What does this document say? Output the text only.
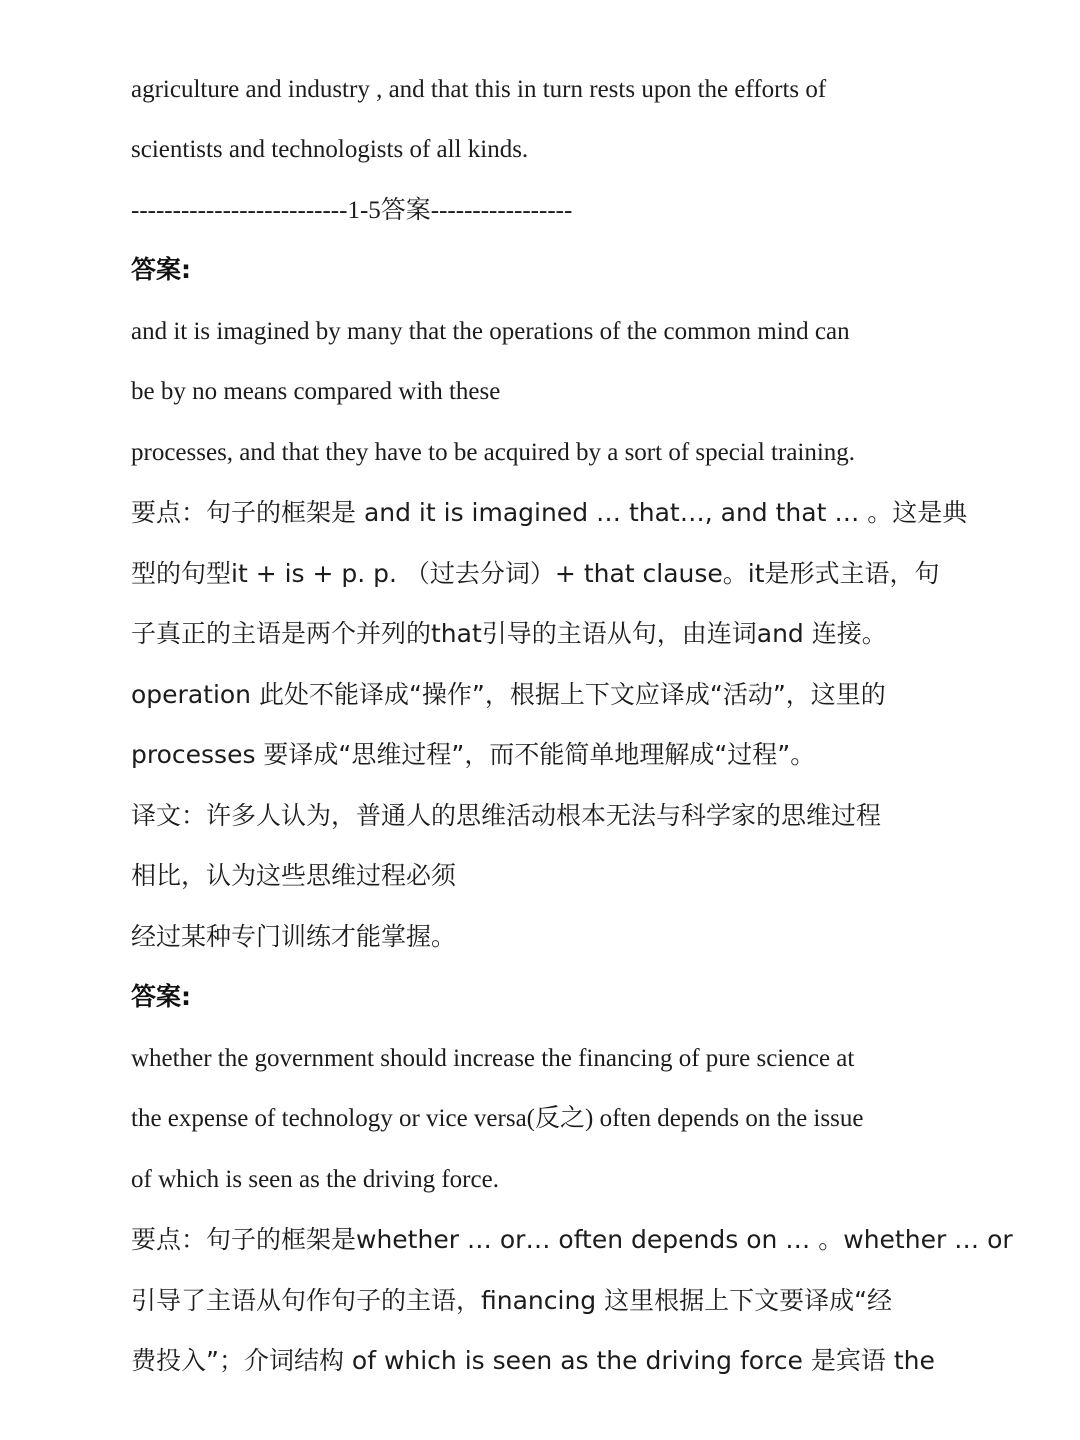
agriculture and industry , and that this in turn rests upon the efforts of
scientists and technologists of all kinds.
--------------------------1-5答案-----------------
答案:
and it is imagined by many that the operations of the common mind can
be by no means compared with these
processes, and that they have to be acquired by a sort of special training.
要点：句子的框架是 and it is imagined … that…, and that … 。这是典
型的句型it + is + p. p. （过去分词）+ that clause。it是形式主语，句
子真正的主语是两个并列的that引导的主语从句，由连词and 连接。
operation 此处不能译成“操作”，根据上下文应译成“活动”，这里的
processes 要译成“思维过程”，而不能简单地理解成“过程”。
译文：许多人认为，普通人的思维活动根本无法与科学家的思维过程
相比，认为这些思维过程必须
经过某种专门训练才能掌握。
答案:
whether the government should increase the financing of pure science at
the expense of technology or vice versa(反之) often depends on the issue
of which is seen as the driving force.
要点：句子的框架是whether … or… often depends on … 。whether … or
引导了主语从句作句子的主语，financing 这里根据上下文要译成“经
费投入”；介词结构 of which is seen as the driving force 是宾语 the
